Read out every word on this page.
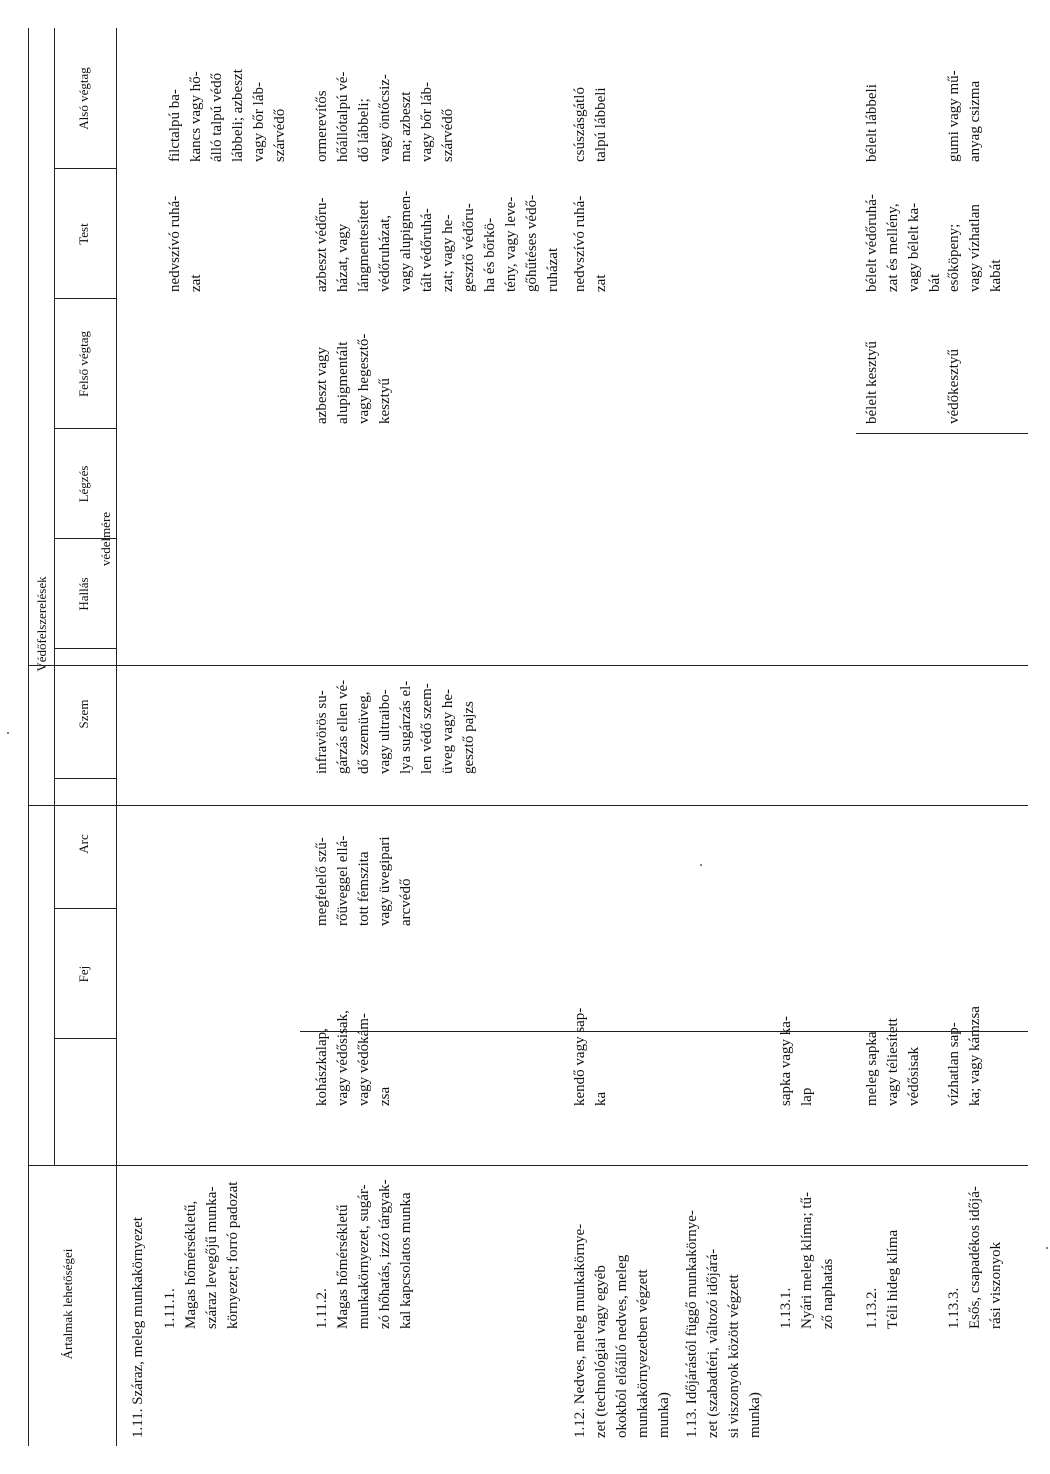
Ártalmak lehetőségei
Védőfelszerelések
védelmére
Fej
Arc
Szem
Hallás
Légzés
Felső végtag
Test
Alsó végtag
1.11. Száraz, meleg munkakörnyezet 1.11.1.
Magas hőmérsékletű,
száraz levegőjű munka-
környezet; forró padozat
nedvszívó ruhá-
zat
filctalpú ba-
kancs vagy hő-
álló talpú védő
lábbeli; azbeszt
vagy bőr láb-
szárvédő
1.11.2.
Magas hőmérsékletű
munkakörnyezet, sugár-
zó hőhatás, izzó tárgyak-
kal kapcsolatos munka
kohászkalap,
vagy védősisak,
vagy védőkám-
zsa
megfelelő szű-
rőüveggel ellá-
tott fémszita
vagy üvegipari
arcvédő
infravörös su-
gárzás ellen vé-
dő szemüveg,
vagy ultraibo-
lya sugárzás el-
len védő szem-
üveg vagy he-
gesztő pajzs
azbeszt vagy
alupigmentált
vagy hegesztő-
kesztyű
azbeszt védőru-
házat, vagy
lángmentesített
védőruházat,
vagy alupigmen-
tált védőruhá-
zat; vagy he-
gesztő védőru-
ha és bőrkö-
tény, vagy leve-
gőhűtéses védő-
ruházat
ormerevítős
hőállótalpú vé-
dő lábbeli;
vagy öntőcsiz-
ma; azbeszt
vagy bőr láb-
szárvédő
1.12. Nedves, meleg munkakörnye-
zet (technológiai vagy egyéb
okokból előálló nedves, meleg
munkakörnyezetben végzett
munka)
kendő vagy sap-
ka
nedvszívó ruhá-
zat
csúszásgátló
talpú lábbeli
1.13. Időjárástól függő munkakörnye-
zet (szabadtéri, változó időjárá-
si viszonyok között végzett
munka)
1.13.1.
Nyári meleg klíma; tű-
ző naphatás
sapka vagy ka-
lap
1.13.2.
Téli hideg klíma
meleg sapka
vagy téliesített
védősisak
bélelt kesztyű
bélelt védőruhá-
zat és mellény,
vagy bélelt ka-
bát
bélelt lábbeli
1.13.3.
Esős, csapadékos időjá-
rási viszonyok
vízhatlan sap-
ka; vagy kámzsa
védőkesztyű
esőköpeny;
vagy vízhatlan
kabát
gumi vagy mű-
anyag csizma
